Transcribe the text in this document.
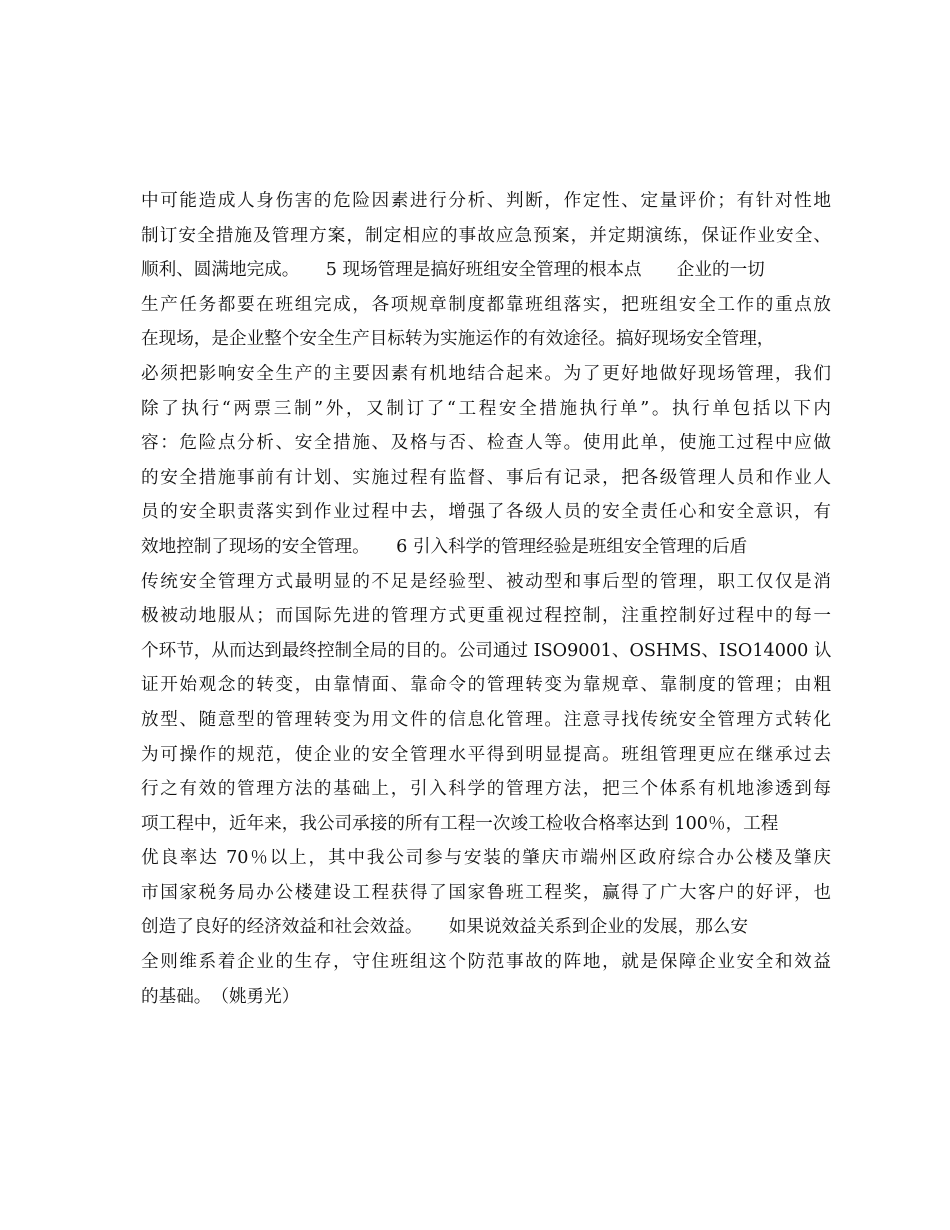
中可能造成人身伤害的危险因素进行分析、判断，作定性、定量评价；有针对性地
制订安全措施及管理方案，制定相应的事故应急预案，并定期演练，保证作业安全、
顺利、圆满地完成。　　5 现场管理是搞好班组安全管理的根本点　　企业的一切
生产任务都要在班组完成，各项规章制度都靠班组落实，把班组安全工作的重点放
在现场，是企业整个安全生产目标转为实施运作的有效途径。搞好现场安全管理，
必须把影响安全生产的主要因素有机地结合起来。为了更好地做好现场管理，我们
除了执行“两票三制”外，又制订了“工程安全措施执行单”。执行单包括以下内
容：危险点分析、安全措施、及格与否、检查人等。使用此单，使施工过程中应做
的安全措施事前有计划、实施过程有监督、事后有记录，把各级管理人员和作业人
员的安全职责落实到作业过程中去，增强了各级人员的安全责任心和安全意识，有
效地控制了现场的安全管理。　　6 引入科学的管理经验是班组安全管理的后盾
传统安全管理方式最明显的不足是经验型、被动型和事后型的管理，职工仅仅是消
极被动地服从；而国际先进的管理方式更重视过程控制，注重控制好过程中的每一
个环节，从而达到最终控制全局的目的。公司通过 ISO9001、OSHMS、ISO14000 认
证开始观念的转变，由靠情面、靠命令的管理转变为靠规章、靠制度的管理；由粗
放型、随意型的管理转变为用文件的信息化管理。注意寻找传统安全管理方式转化
为可操作的规范，使企业的安全管理水平得到明显提高。班组管理更应在继承过去
行之有效的管理方法的基础上，引入科学的管理方法，把三个体系有机地渗透到每
项工程中，近年来，我公司承接的所有工程一次竣工检收合格率达到 100％，工程
优良率达 70％以上，其中我公司参与安装的肇庆市端州区政府综合办公楼及肇庆
市国家税务局办公楼建设工程获得了国家鲁班工程奖，赢得了广大客户的好评，也
创造了良好的经济效益和社会效益。　　如果说效益关系到企业的发展，那么安
全则维系着企业的生存，守住班组这个防范事故的阵地，就是保障企业安全和效益
的基础。　（姚勇光）
